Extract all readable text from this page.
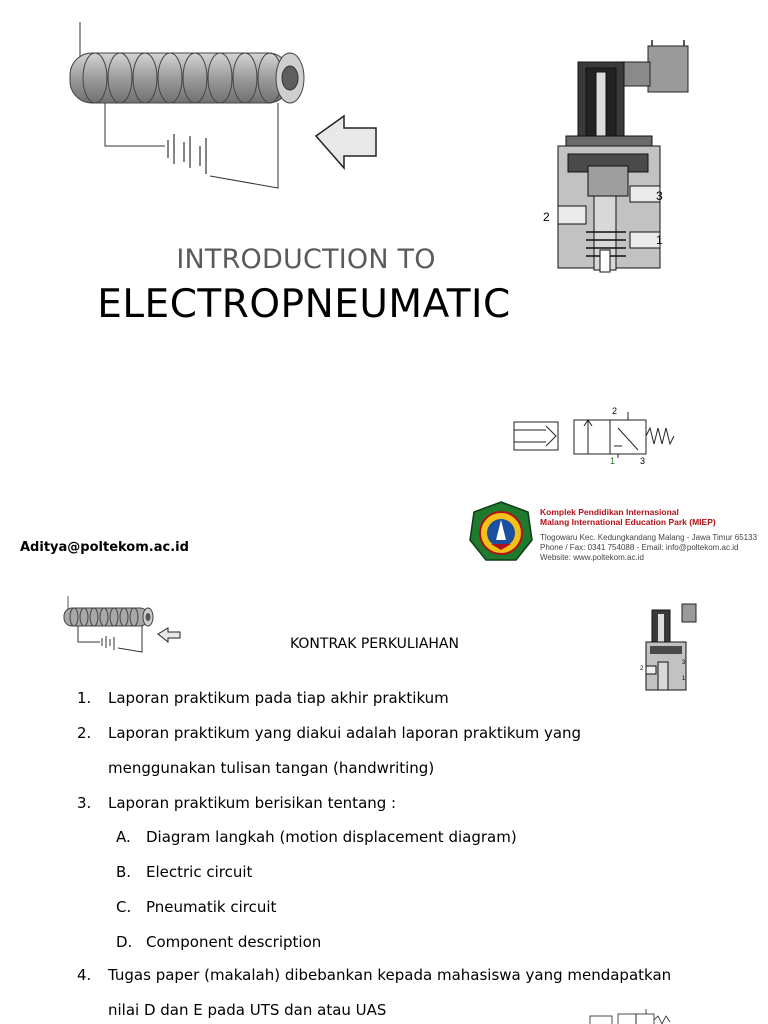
3
2
1
INTRODUCTION TO
ELECTROPNEUMATIC
2
1	3
Aditya@poltekom.ac.id
Komplek Pendidikan Internasional
Malang International Education Park (MIEP)
Tlogowaru Kec. Kedungkandang Malang - Jawa Timur 65133
Phone / Fax: 0341 754088 - Email: info@poltekom.ac.id
Website: www.poltekom.ac.id
2
1
3
KONTRAK PERKULIAHAN
1. Laporan praktikum pada tiap akhir praktikum
2. Laporan praktikum yang diakui adalah laporan praktikum yang
menggunakan tulisan tangan (handwriting)
3. Laporan praktikum berisikan tentang :
A. Diagram langkah (motion displacement diagram)
B. Electric circuit
C. Pneumatik circuit
D. Component description
4. Tugas paper (makalah) dibebankan kepada mahasiswa yang mendapatkan
nilai D dan E pada UTS dan atau UAS
